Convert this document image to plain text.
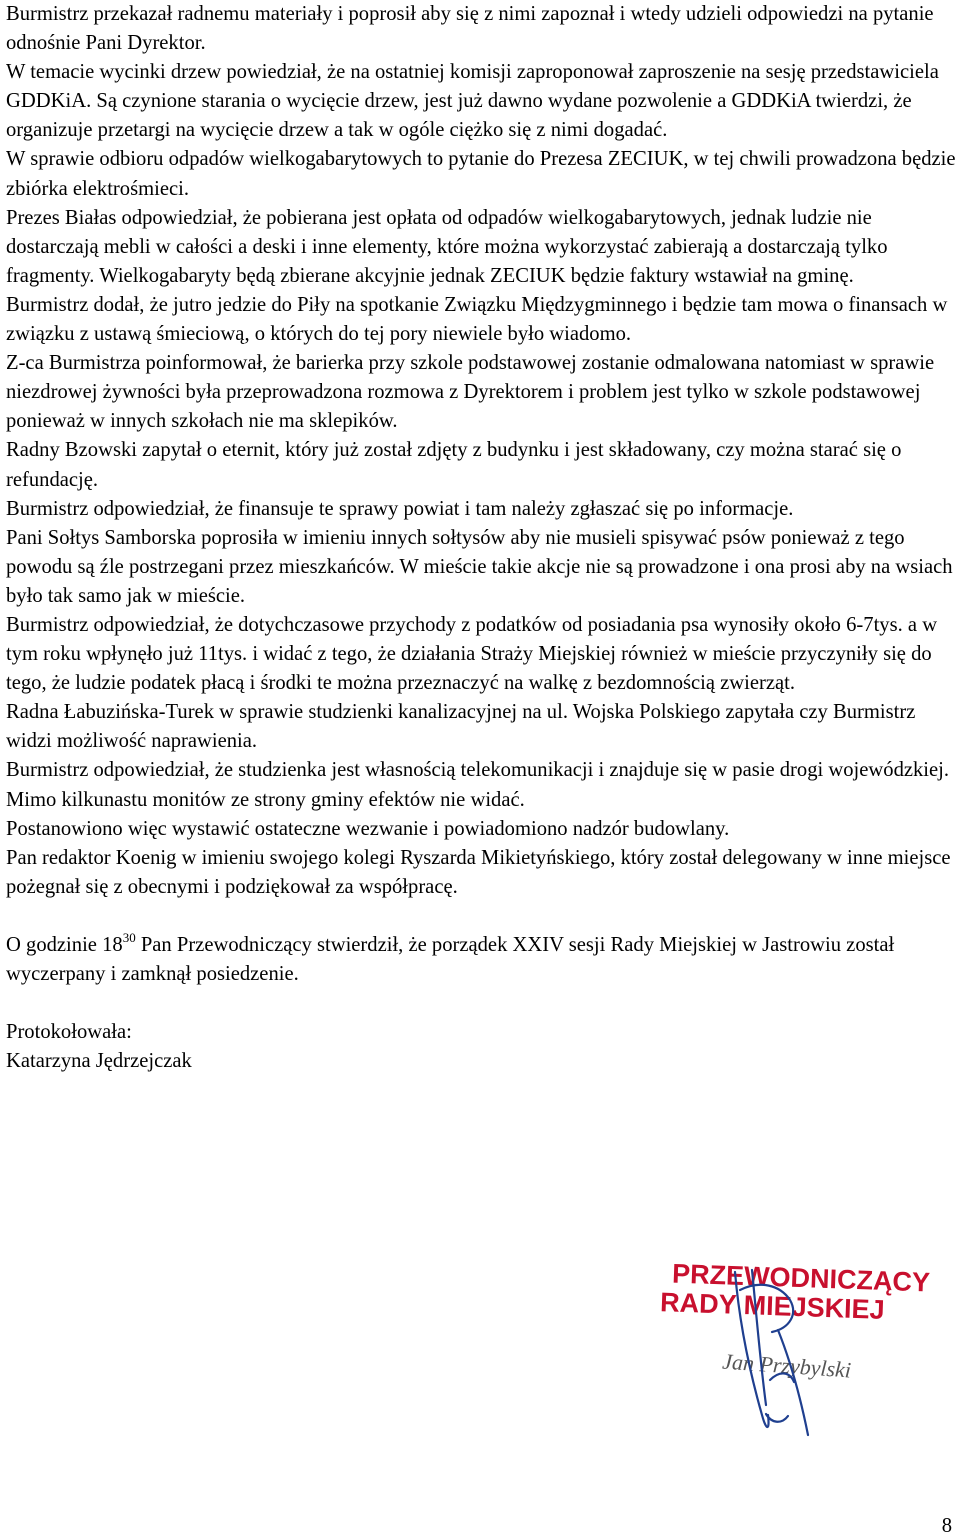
Burmistrz przekazał radnemu materiały i poprosił aby się z nimi zapoznał i wtedy udzieli odpowiedzi na pytanie odnośnie Pani Dyrektor.

W temacie wycinki drzew powiedział, że na ostatniej komisji zaproponował zaproszenie na sesję przedstawiciela GDDKiA. Są czynione starania o wycięcie drzew, jest już dawno wydane pozwolenie a GDDKiA twierdzi, że organizuje przetargi na wycięcie drzew a tak w ogóle ciężko się z nimi dogadać.

W sprawie odbioru odpadów wielkogabarytowych to pytanie do Prezesa ZECIUK, w tej chwili prowadzona będzie zbiórka elektrośmieci.

Prezes Białas odpowiedział, że pobierana jest opłata od odpadów wielkogabarytowych, jednak ludzie nie dostarczają mebli w całości a deski i inne elementy, które można wykorzystać zabierają a dostarczają tylko fragmenty. Wielkogabaryty będą zbierane akcyjnie jednak ZECIUK będzie faktury wstawiał na gminę.

Burmistrz dodał, że jutro jedzie do Piły na spotkanie Związku Międzygminnego i będzie tam mowa o finansach w związku z ustawą śmieciową, o których do tej pory niewiele było wiadomo.

Z-ca Burmistrza poinformował, że barierka przy szkole podstawowej zostanie odmalowana natomiast w sprawie niezdrowej żywności była przeprowadzona rozmowa z Dyrektorem i problem jest tylko w szkole podstawowej ponieważ w innych szkołach nie ma sklepików.

Radny Bzowski zapytał o eternit, który już został zdjęty z budynku i jest składowany, czy można starać się o refundację.

Burmistrz odpowiedział, że finansuje te sprawy powiat i tam należy zgłaszać się po informacje.

Pani Sołtys Samborska poprosiła w imieniu innych sołtysów aby nie musieli spisywać psów ponieważ z tego powodu są źle postrzegani przez mieszkańców. W mieście takie akcje nie są prowadzone i ona prosi aby na wsiach było tak samo jak w mieście.

Burmistrz odpowiedział, że dotychczasowe przychody z podatków od posiadania psa wynosiły około 6-7tys. a w tym roku wpłynęło już 11tys. i widać z tego, że działania Straży Miejskiej również w mieście przyczyniły się do tego, że ludzie podatek płacą i środki te można przeznaczyć na walkę z bezdomnością zwierząt.

Radna Łabuzińska-Turek w sprawie studzienki kanalizacyjnej na ul. Wojska Polskiego zapytała czy Burmistrz widzi możliwość naprawienia.

Burmistrz odpowiedział, że studzienka jest własnością telekomunikacji i znajduje się w pasie drogi wojewódzkiej. Mimo kilkunastu monitów ze strony gminy efektów nie widać.

Postanowiono więc wystawić ostateczne wezwanie i powiadomiono nadzór budowlany.

Pan redaktor Koenig w imieniu swojego kolegi Ryszarda Mikietyńskiego, który został delegowany w inne miejsce pożegnał się z obecnymi i podziękował za współpracę.

O godzinie $18^{30}$ Pan Przewodniczący stwierdził, że porządek XXIV sesji Rady Miejskiej w Jastrowiu został wyczerpany i zamknął posiedzenie.

Protokołowała:

Katarzyna Jędrzejczak

PRZEWODNICZĄCY
RADY MIEJSKIEJ
Jan Przybylski
8
